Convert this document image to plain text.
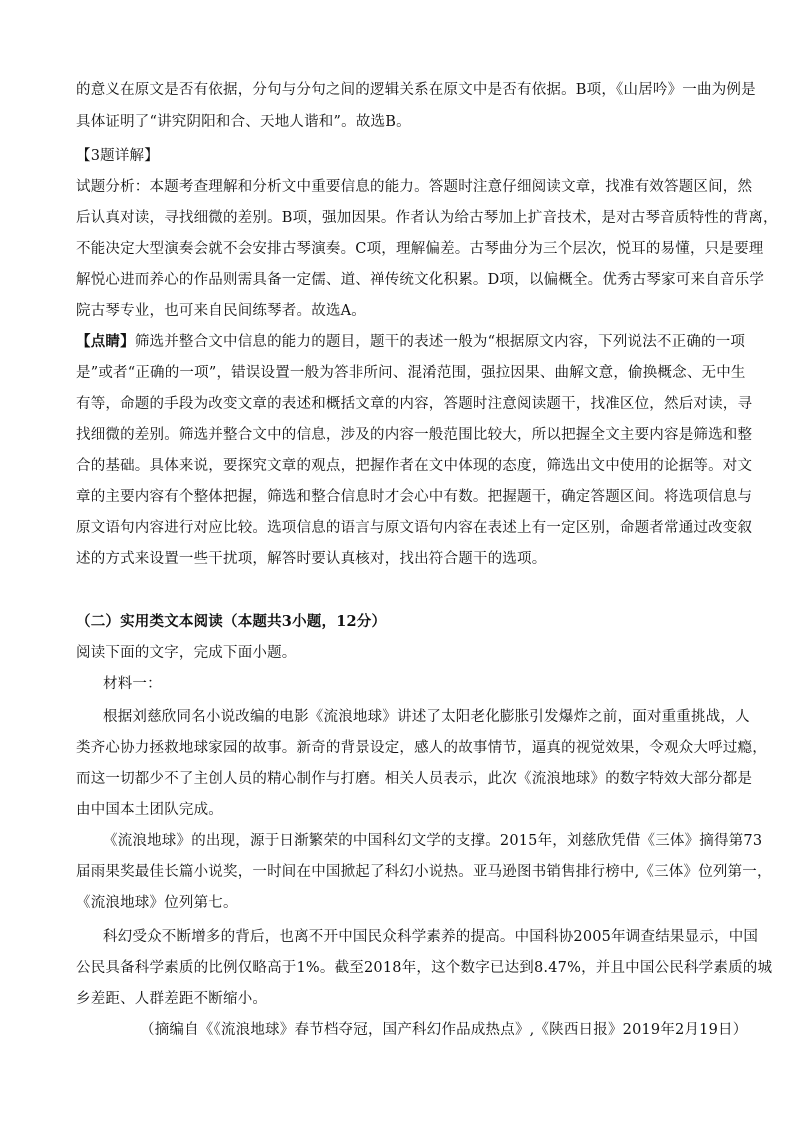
的意义在原文是否有依据，分句与分句之间的逻辑关系在原文中是否有依据。B项，《山居吟》一曲为例是
具体证明了“讲究阴阳和合、天地人谐和”。故选B。
【3题详解】
试题分析：本题考查理解和分析文中重要信息的能力。答题时注意仔细阅读文章，找准有效答题区间，然
后认真对读，寻找细微的差别。B项，强加因果。作者认为给古琴加上扩音技术，是对古琴音质特性的背离，
不能决定大型演奏会就不会安排古琴演奏。C项，理解偏差。古琴曲分为三个层次，悦耳的易懂，只是要理
解悦心进而养心的作品则需具备一定儒、道、禅传统文化积累。D项，以偏概全。优秀古琴家可来自音乐学
院古琴专业，也可来自民间练琴者。故选A。
【点睛】筛选并整合文中信息的能力的题目，题干的表述一般为“根据原文内容，下列说法不正确的一项
是”或者“正确的一项”，错误设置一般为答非所问、混淆范围，强拉因果、曲解文意，偷换概念、无中生
有等，命题的手段为改变文章的表述和概括文章的内容，答题时注意阅读题干，找准区位，然后对读，寻
找细微的差别。筛选并整合文中的信息，涉及的内容一般范围比较大，所以把握全文主要内容是筛选和整
合的基础。具体来说，要探究文章的观点，把握作者在文中体现的态度，筛选出文中使用的论据等。对文
章的主要内容有个整体把握，筛选和整合信息时才会心中有数。把握题干，确定答题区间。将选项信息与
原文语句内容进行对应比较。选项信息的语言与原文语句内容在表述上有一定区别，命题者常通过改变叙
述的方式来设置一些干扰项，解答时要认真核对，找出符合题干的选项。
（二）实用类文本阅读（本题共3小题，12分）
阅读下面的文字，完成下面小题。
材料一：
根据刘慈欣同名小说改编的电影《流浪地球》讲述了太阳老化膨胀引发爆炸之前，面对重重挑战，人
类齐心协力拯救地球家园的故事。新奇的背景设定，感人的故事情节，逼真的视觉效果，令观众大呼过瘾，
而这一切都少不了主创人员的精心制作与打磨。相关人员表示，此次《流浪地球》的数字特效大部分都是
由中国本土团队完成。
《流浪地球》的出现，源于日渐繁荣的中国科幻文学的支撑。2015年，刘慈欣凭借《三体》摘得第73
届雨果奖最佳长篇小说奖，一时间在中国掀起了科幻小说热。亚马逊图书销售排行榜中,《三体》位列第一，
《流浪地球》位列第七。
科幻受众不断增多的背后，也离不开中国民众科学素养的提高。中国科协2005年调查结果显示，中国
公民具备科学素质的比例仅略高于1%。截至2018年，这个数字已达到8.47%，并且中国公民科学素质的城
乡差距、人群差距不断缩小。
（摘编自《《流浪地球》春节档夺冠，国产科幻作品成热点》,《陕西日报》2019年2月19日）
